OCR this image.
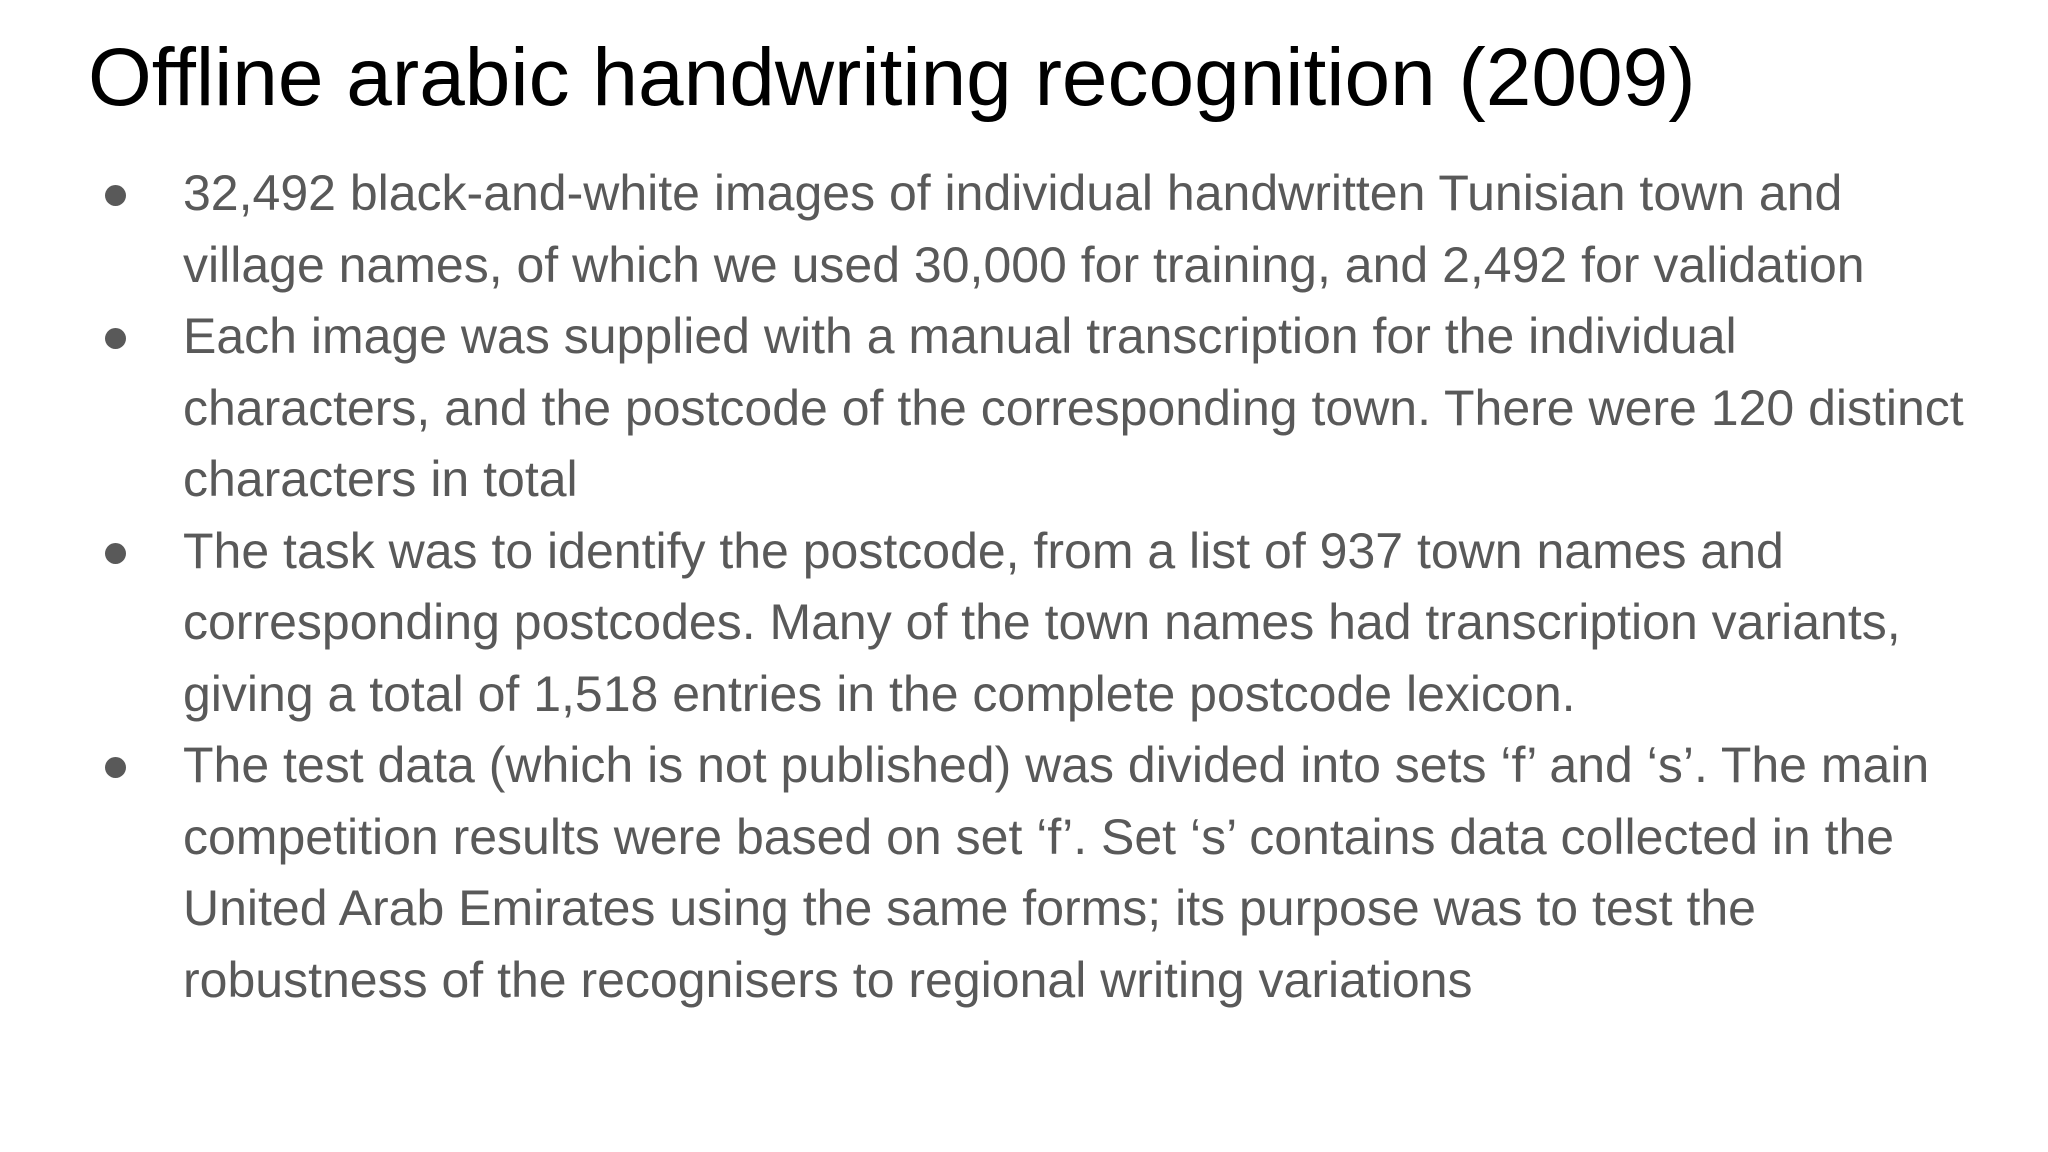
Offline arabic handwriting recognition (2009)
32,492 black-and-white images of individual handwritten Tunisian town and village names, of which we used 30,000 for training, and 2,492 for validation
Each image was supplied with a manual transcription for the individual characters, and the postcode of the corresponding town. There were 120 distinct characters in total
The task was to identify the postcode, from a list of 937 town names and corresponding postcodes. Many of the town names had transcription variants, giving a total of 1,518 entries in the complete postcode lexicon.
The test data (which is not published) was divided into sets ‘f’ and ‘s’. The main competition results were based on set ‘f’. Set ‘s’ contains data collected in the United Arab Emirates using the same forms; its purpose was to test the robustness of the recognisers to regional writing variations
